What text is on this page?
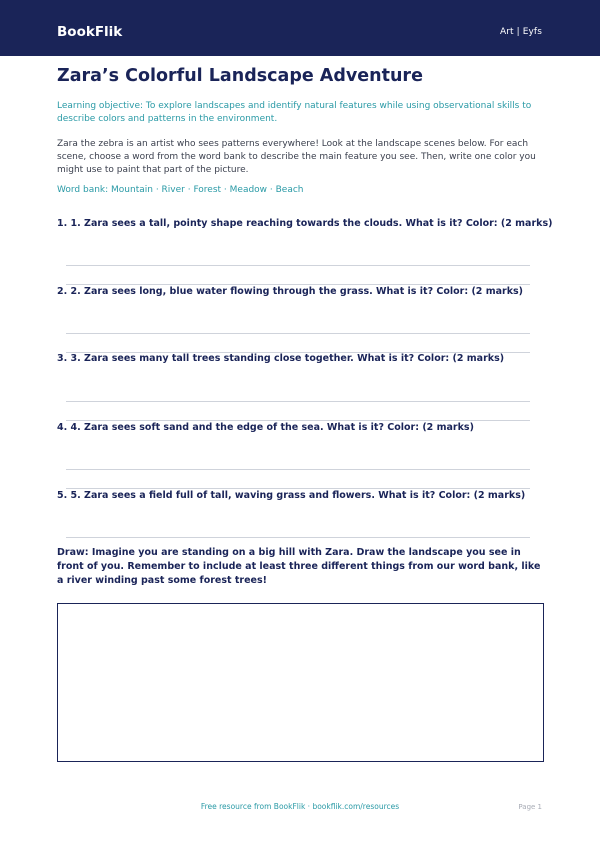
BookFlik	Art | Eyfs
Zara’s Colorful Landscape Adventure
Learning objective: To explore landscapes and identify natural features while using observational skills to describe colors and patterns in the environment.
Zara the zebra is an artist who sees patterns everywhere! Look at the landscape scenes below. For each scene, choose a word from the word bank to describe the main feature you see. Then, write one color you might use to paint that part of the picture.
Word bank: Mountain · River · Forest · Meadow · Beach
1. 1. Zara sees a tall, pointy shape reaching towards the clouds. What is it? Color: (2 marks)
2. 2. Zara sees long, blue water flowing through the grass. What is it? Color: (2 marks)
3. 3. Zara sees many tall trees standing close together. What is it? Color: (2 marks)
4. 4. Zara sees soft sand and the edge of the sea. What is it? Color: (2 marks)
5. 5. Zara sees a field full of tall, waving grass and flowers. What is it? Color: (2 marks)
Draw: Imagine you are standing on a big hill with Zara. Draw the landscape you see in front of you. Remember to include at least three different things from our word bank, like a river winding past some forest trees!
Free resource from BookFlik · bookflik.com/resources	Page 1
